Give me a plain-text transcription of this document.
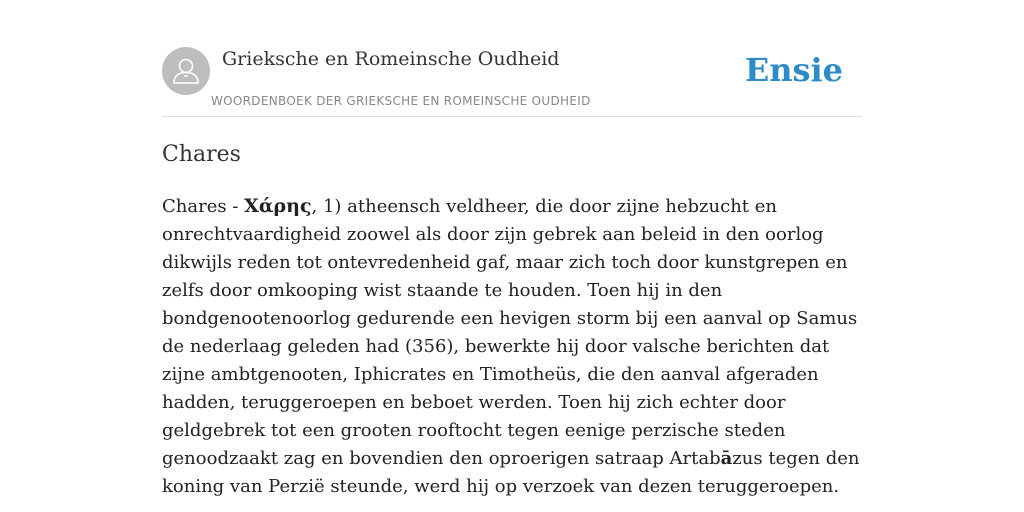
Grieksche en Romeinsche Oudheid
WOORDENBOEK DER GRIEKSCHE EN ROMEINSCHE OUDHEID
Ensie
Chares

Chares - Χάρης, 1) atheensch veldheer, die door zijne hebzucht en onrechtvaardigheid zoowel als door zijn gebrek aan beleid in den oorlog dikwijls reden tot ontevredenheid gaf, maar zich toch door kunstgrepen en zelfs door omkooping wist staande te houden. Toen hij in den bondgenootenoorlog gedurende een hevigen storm bij een aanval op Samus de nederlaag geleden had (356), bewerkte hij door valsche berichten dat zijne ambtgenooten, Iphicrates en Timotheüs, die den aanval afgeraden hadden, teruggeroepen en beboet werden. Toen hij zich echter door geldgebrek tot een grooten rooftocht tegen eenige perzische steden genoodzaakt zag en bovendien den oproerigen satraap Artabāzus tegen den koning van Perzië steunde, werd hij op verzoek van dezen teruggeroepen.
